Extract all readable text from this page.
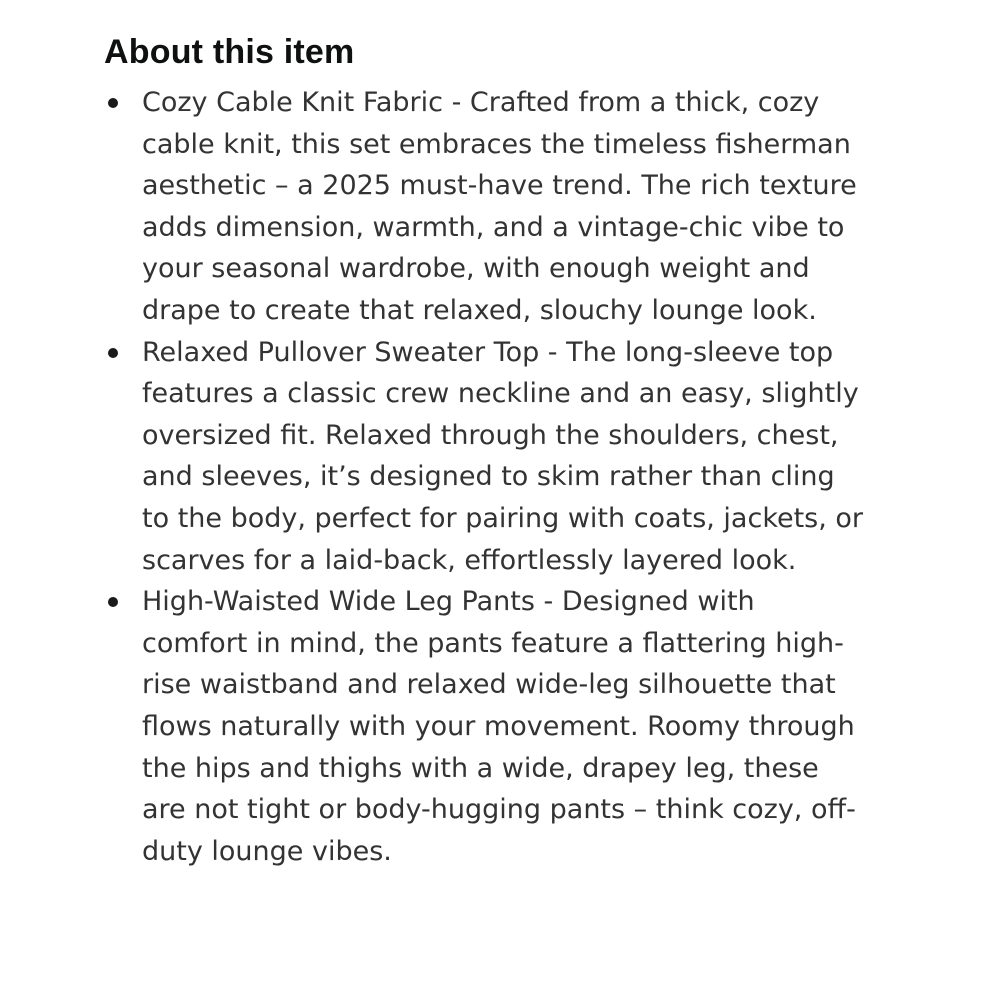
About this item
Cozy Cable Knit Fabric - Crafted from a thick, cozy cable knit, this set embraces the timeless fisherman aesthetic – a 2025 must-have trend. The rich texture adds dimension, warmth, and a vintage-chic vibe to your seasonal wardrobe, with enough weight and drape to create that relaxed, slouchy lounge look.
Relaxed Pullover Sweater Top - The long-sleeve top features a classic crew neckline and an easy, slightly oversized fit. Relaxed through the shoulders, chest, and sleeves, it’s designed to skim rather than cling to the body, perfect for pairing with coats, jackets, or scarves for a laid-back, effortlessly layered look.
High-Waisted Wide Leg Pants - Designed with comfort in mind, the pants feature a flattering high-rise waistband and relaxed wide-leg silhouette that flows naturally with your movement. Roomy through the hips and thighs with a wide, drapey leg, these are not tight or body-hugging pants – think cozy, off-duty lounge vibes.
